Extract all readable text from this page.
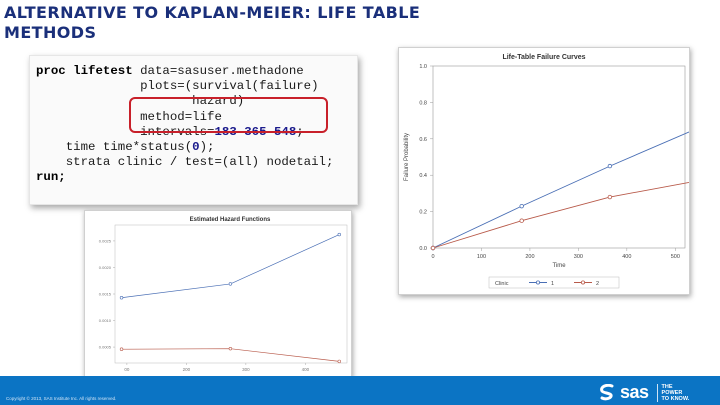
ALTERNATIVE TO KAPLAN-MEIER: LIFE TABLE
METHODS
proc lifetest data=sasuser.methadone
plots=(survival(failure)
hazard)
method=life
intervals=183 365 548;
time time*status(0);
strata clinic / test=(all) nodetail;
run;
Life-Table Failure Curves
0.0
0.2
0.4
0.6
0.8
1.0
0	100	200	300	400	500
Time
Failure Probability
Clinic	1	2
Estimated Hazard Functions
0.0005
0.0010
0.0015
0.0020
0.0025
00	200	300	400
Copyright © 2013, SAS Institute Inc. All rights reserved.	sas THE
POWER
TO KNOW.
